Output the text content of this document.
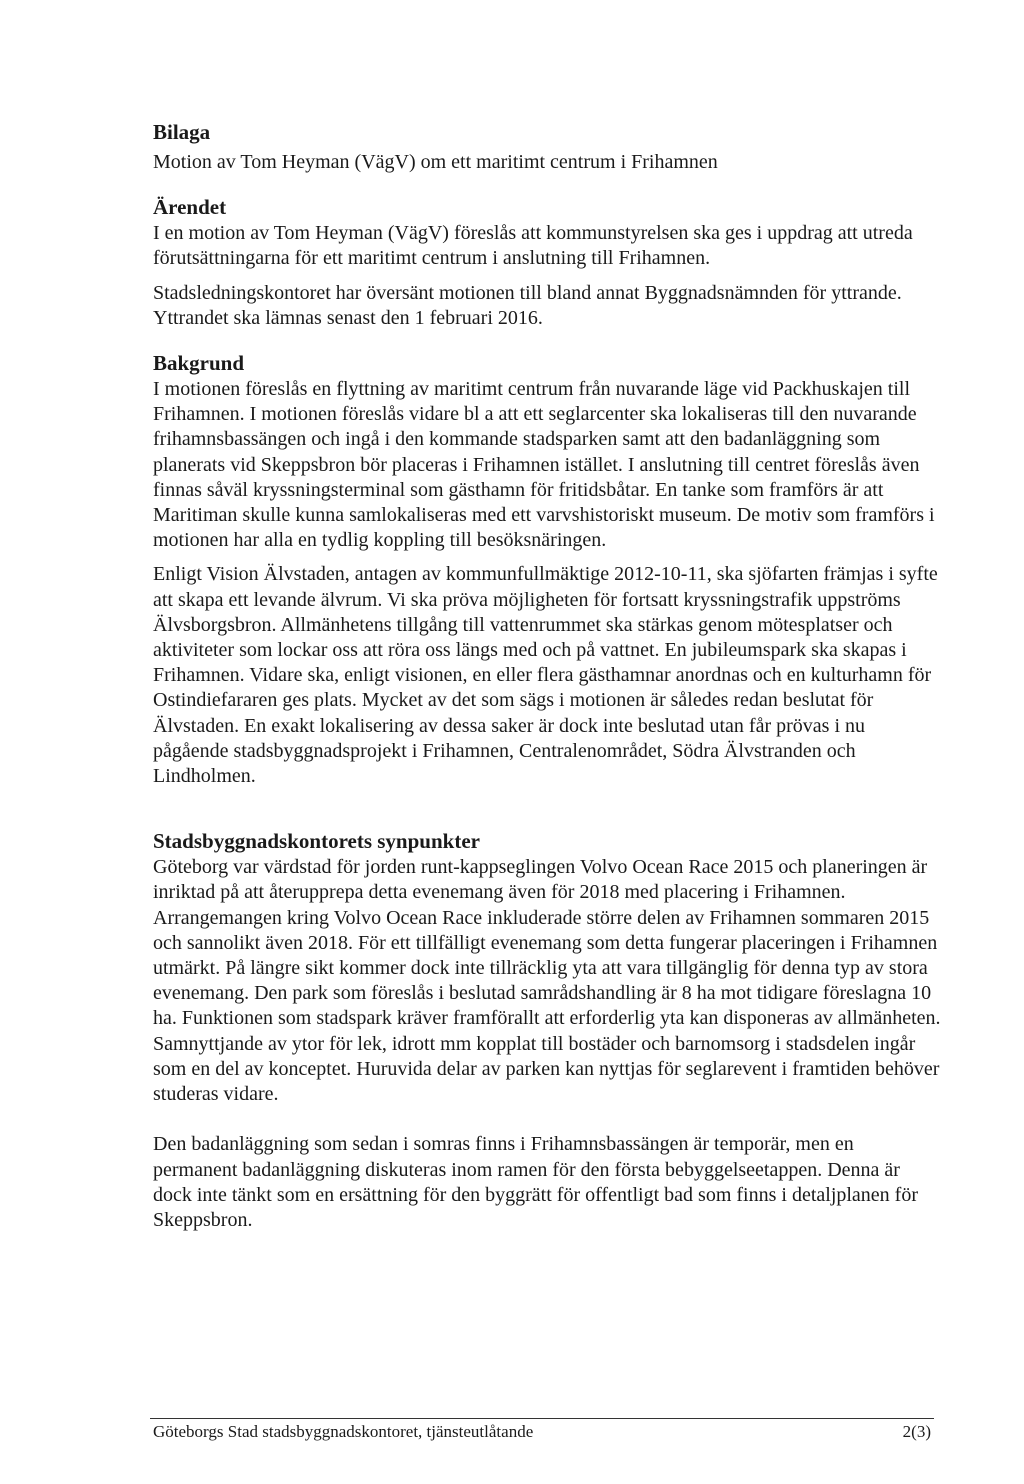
Bilaga

Motion av Tom Heyman (VägV) om ett maritimt centrum i Frihamnen

Ärendet

I en motion av Tom Heyman (VägV) föreslås att kommunstyrelsen ska ges i uppdrag att utreda förutsättningarna för ett maritimt centrum i anslutning till Frihamnen.

Stadsledningskontoret har översänt motionen till bland annat Byggnadsnämnden för yttrande. Yttrandet ska lämnas senast den 1 februari 2016.

Bakgrund

I motionen föreslås en flyttning av maritimt centrum från nuvarande läge vid Packhuskajen till Frihamnen. I motionen föreslås vidare bl a att ett seglarcenter ska lokaliseras till den nuvarande frihamnsbassängen och ingå i den kommande stadsparken samt att den badanläggning som planerats vid Skeppsbron bör placeras i Frihamnen istället. I anslutning till centret föreslås även finnas såväl kryssningsterminal som gästhamn för fritidsbåtar. En tanke som framförs är att Maritiman skulle kunna samlokaliseras med ett varvshistoriskt museum. De motiv som framförs i motionen har alla en tydlig koppling till besöksnäringen.

Enligt Vision Älvstaden, antagen av kommunfullmäktige 2012-10-11, ska sjöfarten främjas i syfte att skapa ett levande älvrum. Vi ska pröva möjligheten för fortsatt kryssningstrafik uppströms Älvsborgsbron. Allmänhetens tillgång till vattenrummet ska stärkas genom mötesplatser och aktiviteter som lockar oss att röra oss längs med och på vattnet. En jubileumspark ska skapas i Frihamnen. Vidare ska, enligt visionen, en eller flera gästhamnar anordnas och en kulturhamn för Ostindiefararen ges plats. Mycket av det som sägs i motionen är således redan beslutat för Älvstaden. En exakt lokalisering av dessa saker är dock inte beslutad utan får prövas i nu pågående stadsbyggnadsprojekt i Frihamnen, Centralenområdet, Södra Älvstranden och Lindholmen.

Stadsbyggnadskontorets synpunkter

Göteborg var värdstad för jorden runt-kappseglingen Volvo Ocean Race 2015 och planeringen är inriktad på att återupprepa detta evenemang även för 2018 med placering i Frihamnen. Arrangemangen kring Volvo Ocean Race inkluderade större delen av Frihamnen sommaren 2015 och sannolikt även 2018. För ett tillfälligt evenemang som detta fungerar placeringen i Frihamnen utmärkt. På längre sikt kommer dock inte tillräcklig yta att vara tillgänglig för denna typ av stora evenemang. Den park som föreslås i beslutad samrådshandling är 8 ha mot tidigare föreslagna 10 ha. Funktionen som stadspark kräver framförallt att erforderlig yta kan disponeras av allmänheten. Samnyttjande av ytor för lek, idrott mm kopplat till bostäder och barnomsorg i stadsdelen ingår som en del av konceptet. Huruvida delar av parken kan nyttjas för seglarevent i framtiden behöver studeras vidare.

Den badanläggning som sedan i somras finns i Frihamnsbassängen är temporär, men en permanent badanläggning diskuteras inom ramen för den första bebyggelseetappen. Denna är dock inte tänkt som en ersättning för den byggrätt för offentligt bad som finns i detaljplanen för Skeppsbron.

Göteborgs Stad stadsbyggnadskontoret, tjänsteutlåtande	2(3)
